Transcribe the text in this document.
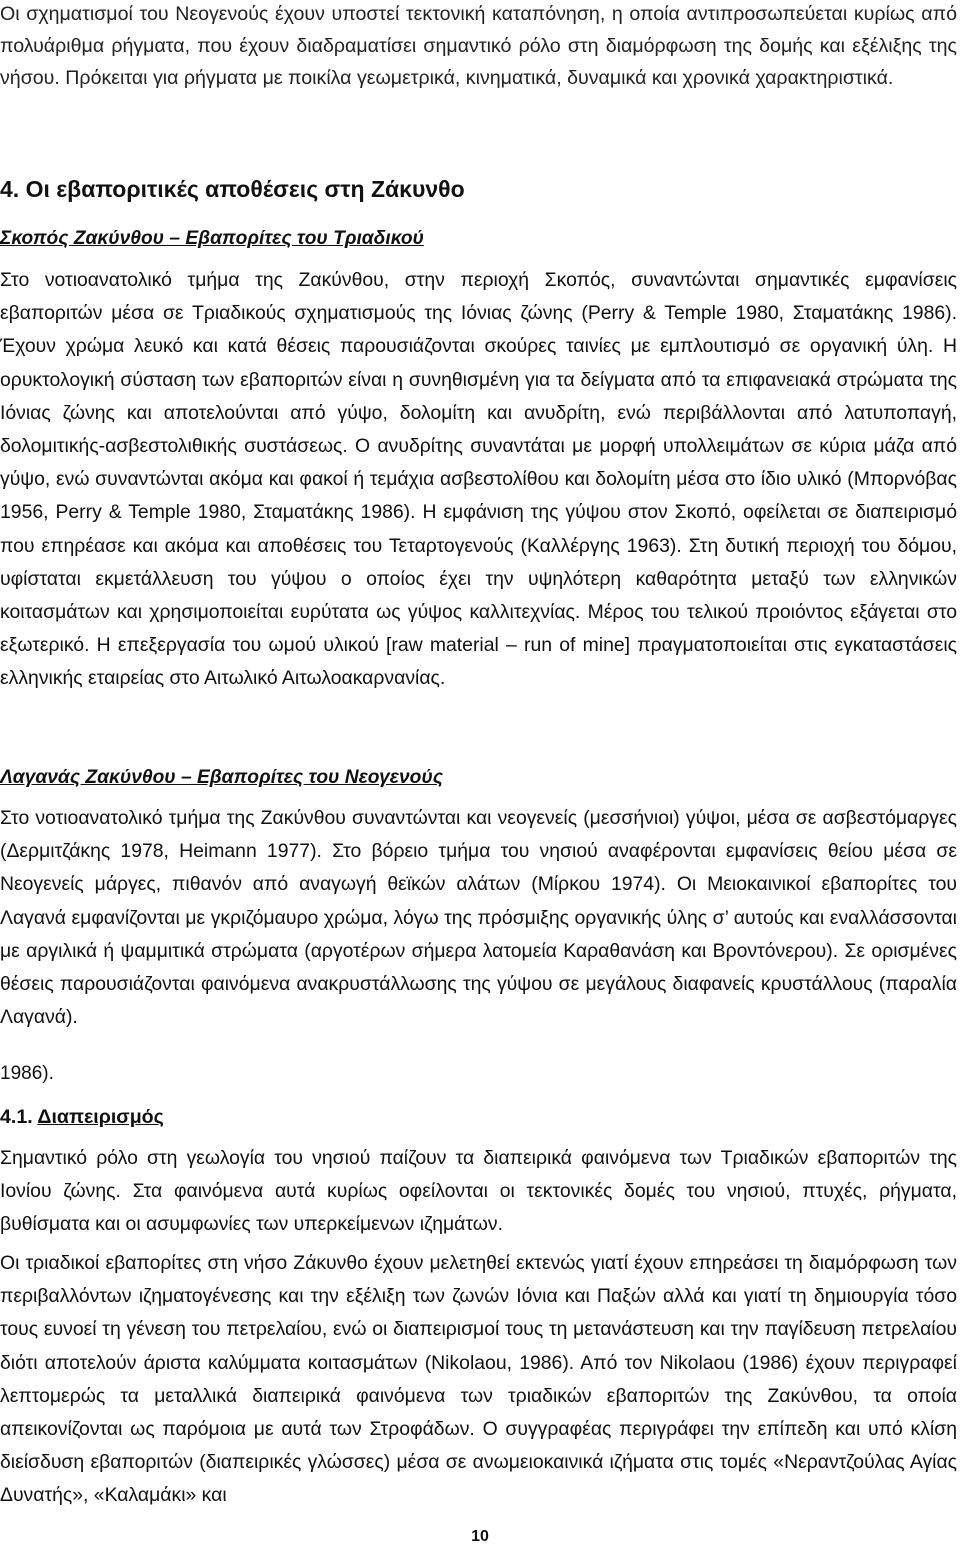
Οι σχηματισμοί του Νεογενούς έχουν υποστεί τεκτονική καταπόνηση, η οποία αντιπροσωπεύεται κυρίως από πολυάριθμα ρήγματα, που έχουν διαδραματίσει σημαντικό ρόλο στη διαμόρφωση της δομής και εξέλιξης της νήσου. Πρόκειται για ρήγματα με ποικίλα γεωμετρικά, κινηματικά, δυναμικά και χρονικά χαρακτηριστικά.

4. Οι εβαποριτικές αποθέσεις στη Ζάκυνθο
Σκοπός Ζακύνθου – Εβαπορίτες του Τριαδικού

Στο νοτιοανατολικό τμήμα της Ζακύνθου, στην περιοχή Σκοπός, συναντώνται σημαντικές εμφανίσεις εβαποριτών μέσα σε Τριαδικούς σχηματισμούς της Ιόνιας ζώνης (Perry & Temple 1980, Σταματάκης 1986). Έχουν χρώμα λευκό και κατά θέσεις παρουσιάζονται σκούρες ταινίες με εμπλουτισμό σε οργανική ύλη. Η ορυκτολογική σύσταση των εβαποριτών είναι η συνηθισμένη για τα δείγματα από τα επιφανειακά στρώματα της Ιόνιας ζώνης και αποτελούνται από γύψο, δολομίτη και ανυδρίτη, ενώ περιβάλλονται από λατυποπαγή, δολομιτικής-ασβεστολιθικής συστάσεως. Ο ανυδρίτης συναντάται με μορφή υπολλειμάτων σε κύρια μάζα από γύψο, ενώ συναντώνται ακόμα και φακοί ή τεμάχια ασβεστολίθου και δολομίτη μέσα στο ίδιο υλικό (Μπορνόβας 1956, Perry & Temple 1980, Σταματάκης 1986). Η εμφάνιση της γύψου στον Σκοπό, οφείλεται σε διαπειρισμό που επηρέασε και ακόμα και αποθέσεις του Τεταρτογενούς (Καλλέργης 1963). Στη δυτική περιοχή του δόμου, υφίσταται εκμετάλλευση του γύψου ο οποίος έχει την υψηλότερη καθαρότητα μεταξύ των ελληνικών κοιτασμάτων και χρησιμοποιείται ευρύτατα ως γύψος καλλιτεχνίας. Μέρος του τελικού προιόντος εξάγεται στο εξωτερικό. Η επεξεργασία του ωμού υλικού [raw material – run of mine] πραγματοποιείται στις εγκαταστάσεις ελληνικής εταιρείας στο Αιτωλικό Αιτωλοακαρνανίας.

Λαγανάς Ζακύνθου – Εβαπορίτες του Νεογενούς

Στο νοτιοανατολικό τμήμα της Ζακύνθου συναντώνται και νεογενείς (μεσσήνιοι) γύψοι, μέσα σε ασβεστόμαργες (Δερμιτζάκης 1978, Heimann 1977). Στο βόρειο τμήμα του νησιού αναφέρονται εμφανίσεις θείου μέσα σε Νεογενείς μάργες, πιθανόν από αναγωγή θεϊκών αλάτων (Μίρκου 1974). Οι Μειοκαινικοί εβαπορίτες του Λαγανά εμφανίζονται με γκριζόμαυρο χρώμα, λόγω της πρόσμιξης οργανικής ύλης σ’ αυτούς και εναλλάσσονται με αργιλικά ή ψαμμιτικά στρώματα (αργοτέρων σήμερα λατομεία Καραθανάση και Βροντόνερου). Σε ορισμένες θέσεις παρουσιάζονται φαινόμενα ανακρυστάλλωσης της γύψου σε μεγάλους διαφανείς κρυστάλλους (παραλία Λαγανά).

1986).

4.1. Διαπειρισμός

Σημαντικό ρόλο στη γεωλογία του νησιού παίζουν τα διαπειρικά φαινόμενα των Τριαδικών εβαποριτών της Ιονίου ζώνης. Στα φαινόμενα αυτά κυρίως οφείλονται οι τεκτονικές δομές του νησιού, πτυχές, ρήγματα, βυθίσματα και οι ασυμφωνίες των υπερκείμενων ιζημάτων.

Οι τριαδικοί εβαπορίτες στη νήσο Ζάκυνθο έχουν μελετηθεί εκτενώς γιατί έχουν επηρεάσει τη διαμόρφωση των περιβαλλόντων ιζηματογένεσης και την εξέλιξη των ζωνών Ιόνια και Παξών αλλά και γιατί τη δημιουργία τόσο τους ευνοεί τη γένεση του πετρελαίου, ενώ οι διαπειρισμοί τους τη μετανάστευση και την παγίδευση πετρελαίου διότι αποτελούν άριστα καλύμματα κοιτασμάτων (Nikolaou, 1986). Από τον Nikolaou (1986) έχουν περιγραφεί λεπτομερώς τα μεταλλικά διαπειρικά φαινόμενα των τριαδικών εβαποριτών της Ζακύνθου, τα οποία απεικονίζονται ως παρόμοια με αυτά των Στροφάδων. Ο συγγραφέας περιγράφει την επίπεδη και υπό κλίση διείσδυση εβαποριτών (διαπειρικές γλώσσες) μέσα σε ανωμειοκαινικά ιζήματα στις τομές «Νεραντζούλας Αγίας Δυνατής», «Καλαμάκι» και

10
